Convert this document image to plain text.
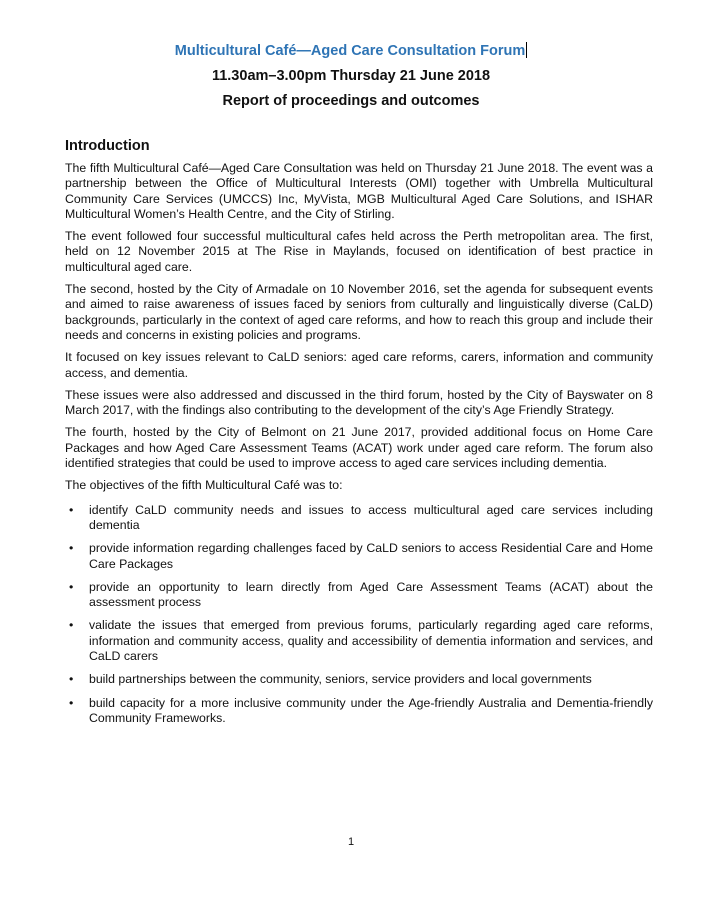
Multicultural Café—Aged Care Consultation Forum
11.30am–3.00pm Thursday 21 June 2018
Report of proceedings and outcomes
Introduction

The fifth Multicultural Café—Aged Care Consultation was held on Thursday 21 June 2018. The event was a partnership between the Office of Multicultural Interests (OMI) together with Umbrella Multicultural Community Care Services (UMCCS) Inc, MyVista, MGB Multicultural Aged Care Solutions, and ISHAR Multicultural Women’s Health Centre, and the City of Stirling.

The event followed four successful multicultural cafes held across the Perth metropolitan area. The first, held on 12 November 2015 at The Rise in Maylands, focused on identification of best practice in multicultural aged care.

The second, hosted by the City of Armadale on 10 November 2016, set the agenda for subsequent events and aimed to raise awareness of issues faced by seniors from culturally and linguistically diverse (CaLD) backgrounds, particularly in the context of aged care reforms, and how to reach this group and include their needs and concerns in existing policies and programs.

It focused on key issues relevant to CaLD seniors: aged care reforms, carers, information and community access, and dementia.

These issues were also addressed and discussed in the third forum, hosted by the City of Bayswater on 8 March 2017, with the findings also contributing to the development of the city’s Age Friendly Strategy.

The fourth, hosted by the City of Belmont on 21 June 2017, provided additional focus on Home Care Packages and how Aged Care Assessment Teams (ACAT) work under aged care reform. The forum also identified strategies that could be used to improve access to aged care services including dementia.

The objectives of the fifth Multicultural Café was to:

• identify CaLD community needs and issues to access multicultural aged care services including dementia
• provide information regarding challenges faced by CaLD seniors to access Residential Care and Home Care Packages
• provide an opportunity to learn directly from Aged Care Assessment Teams (ACAT) about the assessment process
• validate the issues that emerged from previous forums, particularly regarding aged care reforms, information and community access, quality and accessibility of dementia information and services, and CaLD carers
• build partnerships between the community, seniors, service providers and local governments
• build capacity for a more inclusive community under the Age-friendly Australia and Dementia-friendly Community Frameworks.
1
